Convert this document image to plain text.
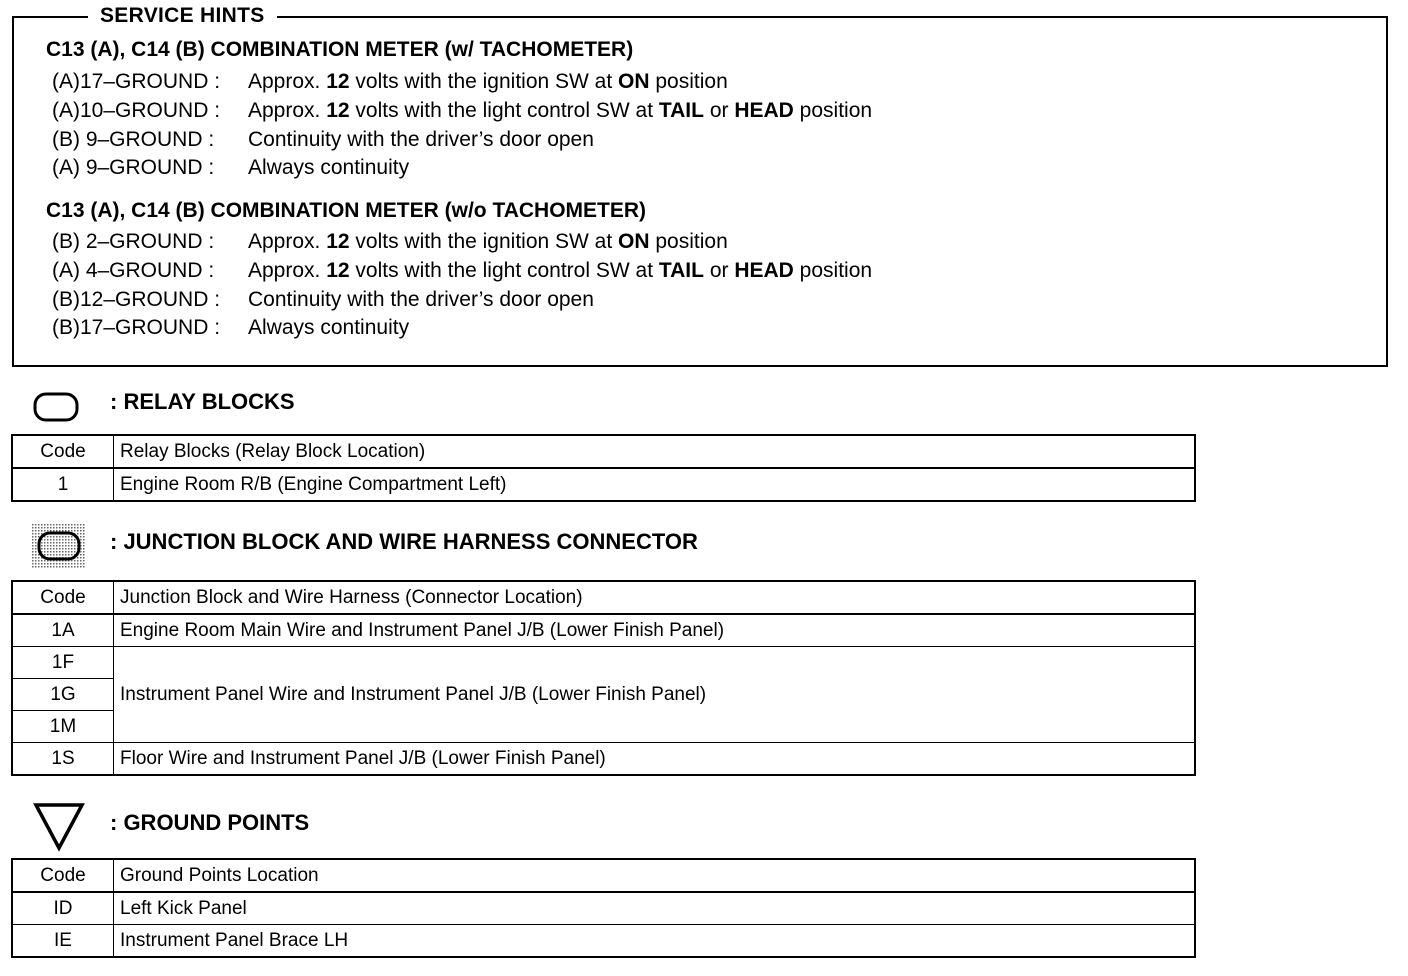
SERVICE HINTS
C13 (A), C14 (B) COMBINATION METER (w/ TACHOMETER)
(A)17–GROUND : Approx. 12 volts with the ignition SW at ON position
(A)10–GROUND : Approx. 12 volts with the light control SW at TAIL or HEAD position
(B) 9–GROUND : Continuity with the driver’s door open
(A) 9–GROUND : Always continuity
C13 (A), C14 (B) COMBINATION METER (w/o TACHOMETER)
(B) 2–GROUND : Approx. 12 volts with the ignition SW at ON position
(A) 4–GROUND : Approx. 12 volts with the light control SW at TAIL or HEAD position
(B)12–GROUND : Continuity with the driver’s door open
(B)17–GROUND : Always continuity
: RELAY BLOCKS
Code	Relay Blocks (Relay Block Location)
1	Engine Room R/B (Engine Compartment Left)
: JUNCTION BLOCK AND WIRE HARNESS CONNECTOR
Code	Junction Block and Wire Harness (Connector Location)
1A	Engine Room Main Wire and Instrument Panel J/B (Lower Finish Panel)
1F	Instrument Panel Wire and Instrument Panel J/B (Lower Finish Panel)
1G	
1M	
1S	Floor Wire and Instrument Panel J/B (Lower Finish Panel)
: GROUND POINTS
Code	Ground Points Location
ID	Left Kick Panel
IE	Instrument Panel Brace LH
